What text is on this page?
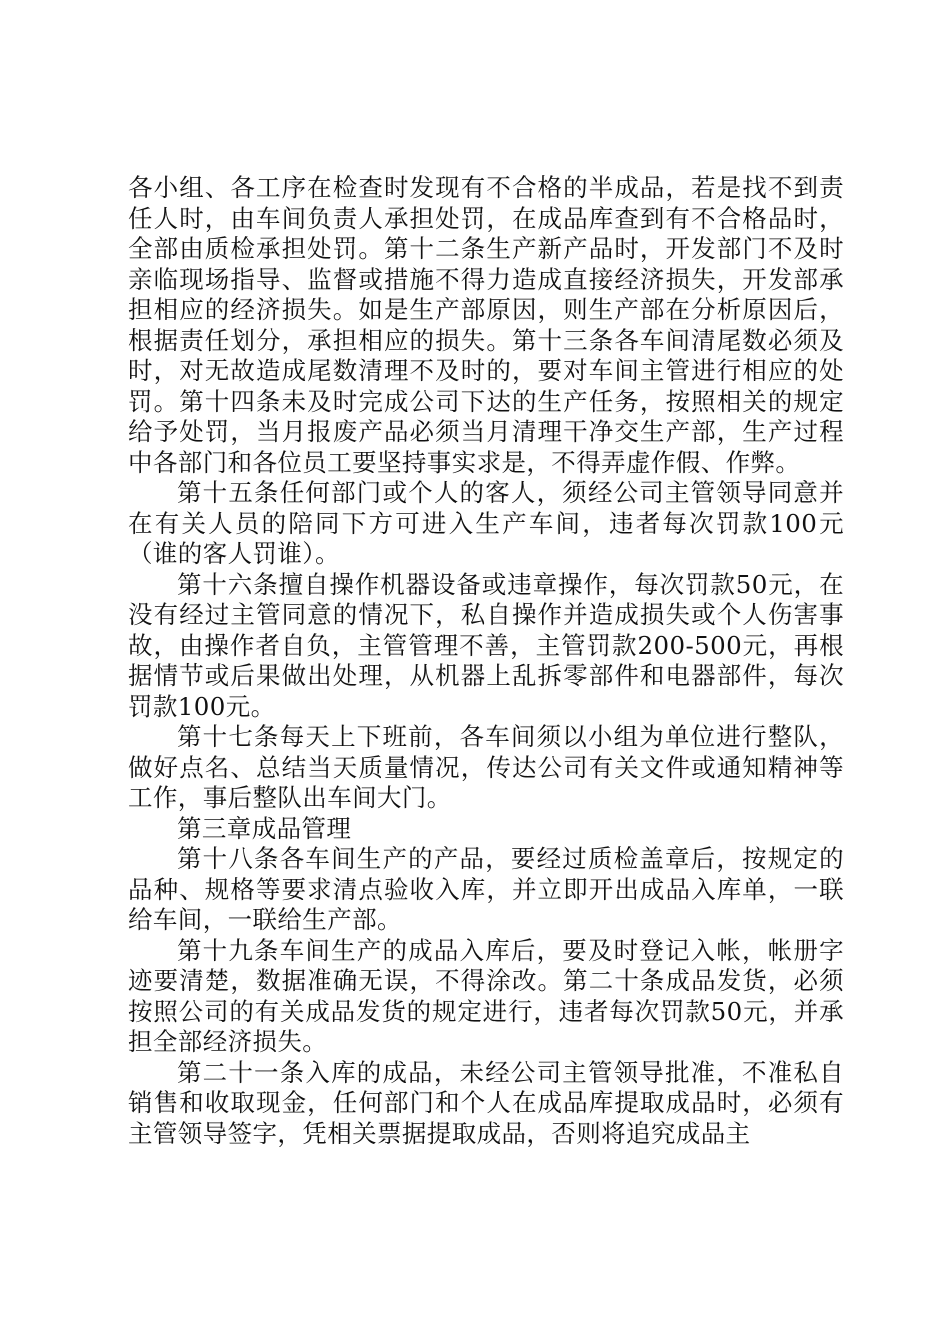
各小组、各工序在检查时发现有不合格的半成品，若是找不到责任人时，由车间负责人承担处罚，在成品库查到有不合格品时，全部由质检承担处罚。第十二条生产新产品时，开发部门不及时亲临现场指导、监督或措施不得力造成直接经济损失，开发部承担相应的经济损失。如是生产部原因，则生产部在分析原因后，根据责任划分，承担相应的损失。第十三条各车间清尾数必须及时，对无故造成尾数清理不及时的，要对车间主管进行相应的处罚。第十四条未及时完成公司下达的生产任务，按照相关的规定给予处罚，当月报废产品必须当月清理干净交生产部，生产过程中各部门和各位员工要坚持事实求是，不得弄虚作假、作弊。

第十五条任何部门或个人的客人，须经公司主管领导同意并在有关人员的陪同下方可进入生产车间，违者每次罚款100元（谁的客人罚谁）。

第十六条擅自操作机器设备或违章操作，每次罚款50元，在没有经过主管同意的情况下，私自操作并造成损失或个人伤害事故，由操作者自负，主管管理不善，主管罚款200-500元，再根据情节或后果做出处理，从机器上乱拆零部件和电器部件，每次罚款100元。

第十七条每天上下班前，各车间须以小组为单位进行整队，做好点名、总结当天质量情况，传达公司有关文件或通知精神等工作，事后整队出车间大门。

第三章成品管理

第十八条各车间生产的产品，要经过质检盖章后，按规定的品种、规格等要求清点验收入库，并立即开出成品入库单，一联给车间，一联给生产部。

第十九条车间生产的成品入库后，要及时登记入帐，帐册字迹要清楚，数据准确无误，不得涂改。第二十条成品发货，必须按照公司的有关成品发货的规定进行，违者每次罚款50元，并承担全部经济损失。

第二十一条入库的成品，未经公司主管领导批准，不准私自销售和收取现金，任何部门和个人在成品库提取成品时，必须有主管领导签字，凭相关票据提取成品，否则将追究成品主
